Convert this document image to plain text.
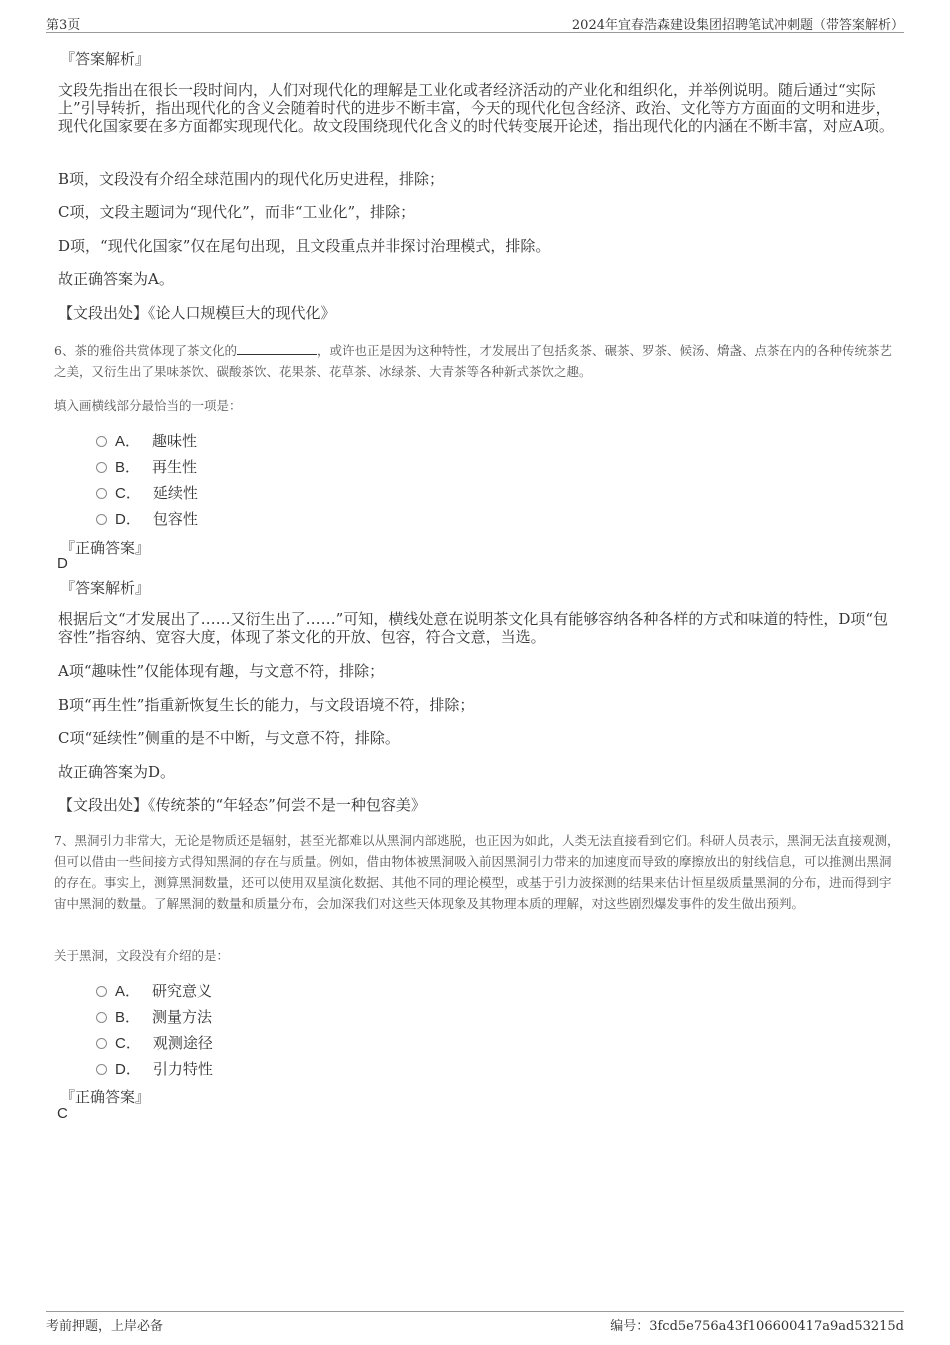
第3页	2024年宜春浩森建设集团招聘笔试冲刺题（带答案解析）
『答案解析』
文段先指出在很长一段时间内，人们对现代化的理解是工业化或者经济活动的产业化和组织化，并举例说明。随后通过“实际上”引导转折，指出现代化的含义会随着时代的进步不断丰富，今天的现代化包含经济、政治、文化等方方面面的文明和进步，现代化国家要在多方面都实现现代化。故文段围绕现代化含义的时代转变展开论述，指出现代化的内涵在不断丰富，对应A项。
B项，文段没有介绍全球范围内的现代化历史进程，排除；
C项，文段主题词为“现代化”，而非“工业化”，排除；
D项，“现代化国家”仅在尾句出现，且文段重点并非探讨治理模式，排除。
故正确答案为A。
【文段出处】《论人口规模巨大的现代化》
6、茶的雅俗共赏体现了茶文化的	，或许也正是因为这种特性，才发展出了包括炙茶、碾茶、罗茶、候汤、熁盏、点茶在内的各种传统茶艺之美，又衍生出了果味茶饮、碳酸茶饮、花果茶、花草茶、冰绿茶、大青茶等各种新式茶饮之趣。
填入画横线部分最恰当的一项是：
A． 趣味性
B． 再生性
C． 延续性
D． 包容性
『正确答案』
D
『答案解析』
根据后文“才发展出了……又衍生出了……”可知，横线处意在说明茶文化具有能够容纳各种各样的方式和味道的特性，D项“包容性”指容纳、宽容大度，体现了茶文化的开放、包容，符合文意，当选。
A项“趣味性”仅能体现有趣，与文意不符，排除；
B项“再生性”指重新恢复生长的能力，与文段语境不符，排除；
C项“延续性”侧重的是不中断，与文意不符，排除。
故正确答案为D。
【文段出处】《传统茶的“年轻态”何尝不是一种包容美》
7、黑洞引力非常大，无论是物质还是辐射，甚至光都难以从黑洞内部逃脱，也正因为如此，人类无法直接看到它们。科研人员表示，黑洞无法直接观测，但可以借由一些间接方式得知黑洞的存在与质量。例如，借由物体被黑洞吸入前因黑洞引力带来的加速度而导致的摩擦放出的射线信息，可以推测出黑洞的存在。事实上，测算黑洞数量，还可以使用双星演化数据、其他不同的理论模型，或基于引力波探测的结果来估计恒星级质量黑洞的分布，进而得到宇宙中黑洞的数量。了解黑洞的数量和质量分布，会加深我们对这些天体现象及其物理本质的理解，对这些剧烈爆发事件的发生做出预判。
关于黑洞，文段没有介绍的是：
A． 研究意义
B． 测量方法
C． 观测途径
D． 引力特性
『正确答案』
C
考前押题，上岸必备	编号：3fcd5e756a43f106600417a9ad53215d
